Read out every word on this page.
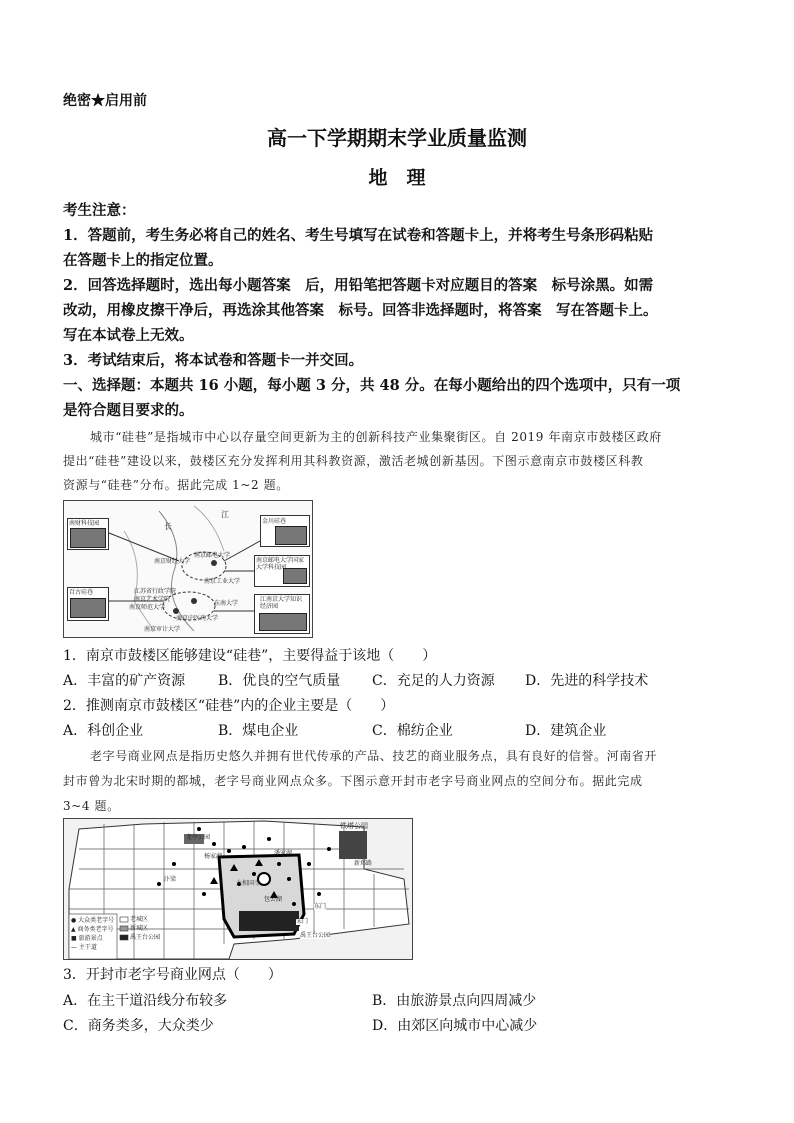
绝密★启用前
高一下学期期末学业质量监测
地　理
考生注意：
1．答题前，考生务必将自己的姓名、考生号填写在试卷和答题卡上，并将考生号条形码粘贴
在答题卡上的指定位置。
2．回答选择题时，选出每小题答案　后，用铅笔把答题卡对应题目的答案　标号涂黑。如需
改动，用橡皮擦干净后，再选涂其他答案　标号。回答非选择题时，将答案　写在答题卡上。
写在本试卷上无效。
3．考试结束后，将本试卷和答题卡一并交回。
一、选择题：本题共 16 小题，每小题 3 分，共 48 分。在每小题给出的四个选项中，只有一项
是符合题目要求的。
城市“硅巷”是指城市中心以存量空间更新为主的创新科技产业集聚街区。自 2019 年南京市鼓楼区政府
提出“硅巷”建设以来，鼓楼区充分发挥利用其科教资源，激活老城创新基因。下图示意南京市鼓楼区科教
资源与“硅巷”分布。据此完成 1~2 题。
南财科技园	金川硅巷
南京邮电大学国家大学科技园
百古硅巷
江南京大学知识经济园
南京财经大学
南京邮电大学
南京工业大学
江苏省行政学院
南京艺术学院
南京师范大学
东南大学
南京中医药大学
南京审计大学
江
长
1．南京市鼓楼区能够建设“硅巷”，主要得益于该地（　　）
A．丰富的矿产资源 B．优良的空气质量 C．充足的人力资源 D．先进的科学技术
2．推测南京市鼓楼区“硅巷”内的企业主要是（　　）
A．科创企业	B．煤电企业	C．棉纺企业	D．建筑企业
老字号商业网点是指历史悠久并拥有世代传承的产品、技艺的商业服务点，具有良好的信誉。河南省开
封市曾为北宋时期的都城，老字号商业网点众多。下图示意开封市老字号商业网点的空间分布。据此完成
3~4 题。
龙亭公园
杨家湖	潘家湖
包公湖
铁塔公园
新郑路
大相国寺
禹王台公园
汴梁
东门
宋门
● 大众类老字号
▲ 商务类老字号
■ 旅游景点
— 主干道
老城区
新城区
禹王台公园
3．开封市老字号商业网点（　　）
A．在主干道沿线分布较多	B．由旅游景点向四周减少
C．商务类多，大众类少	D．由郊区向城市中心减少
